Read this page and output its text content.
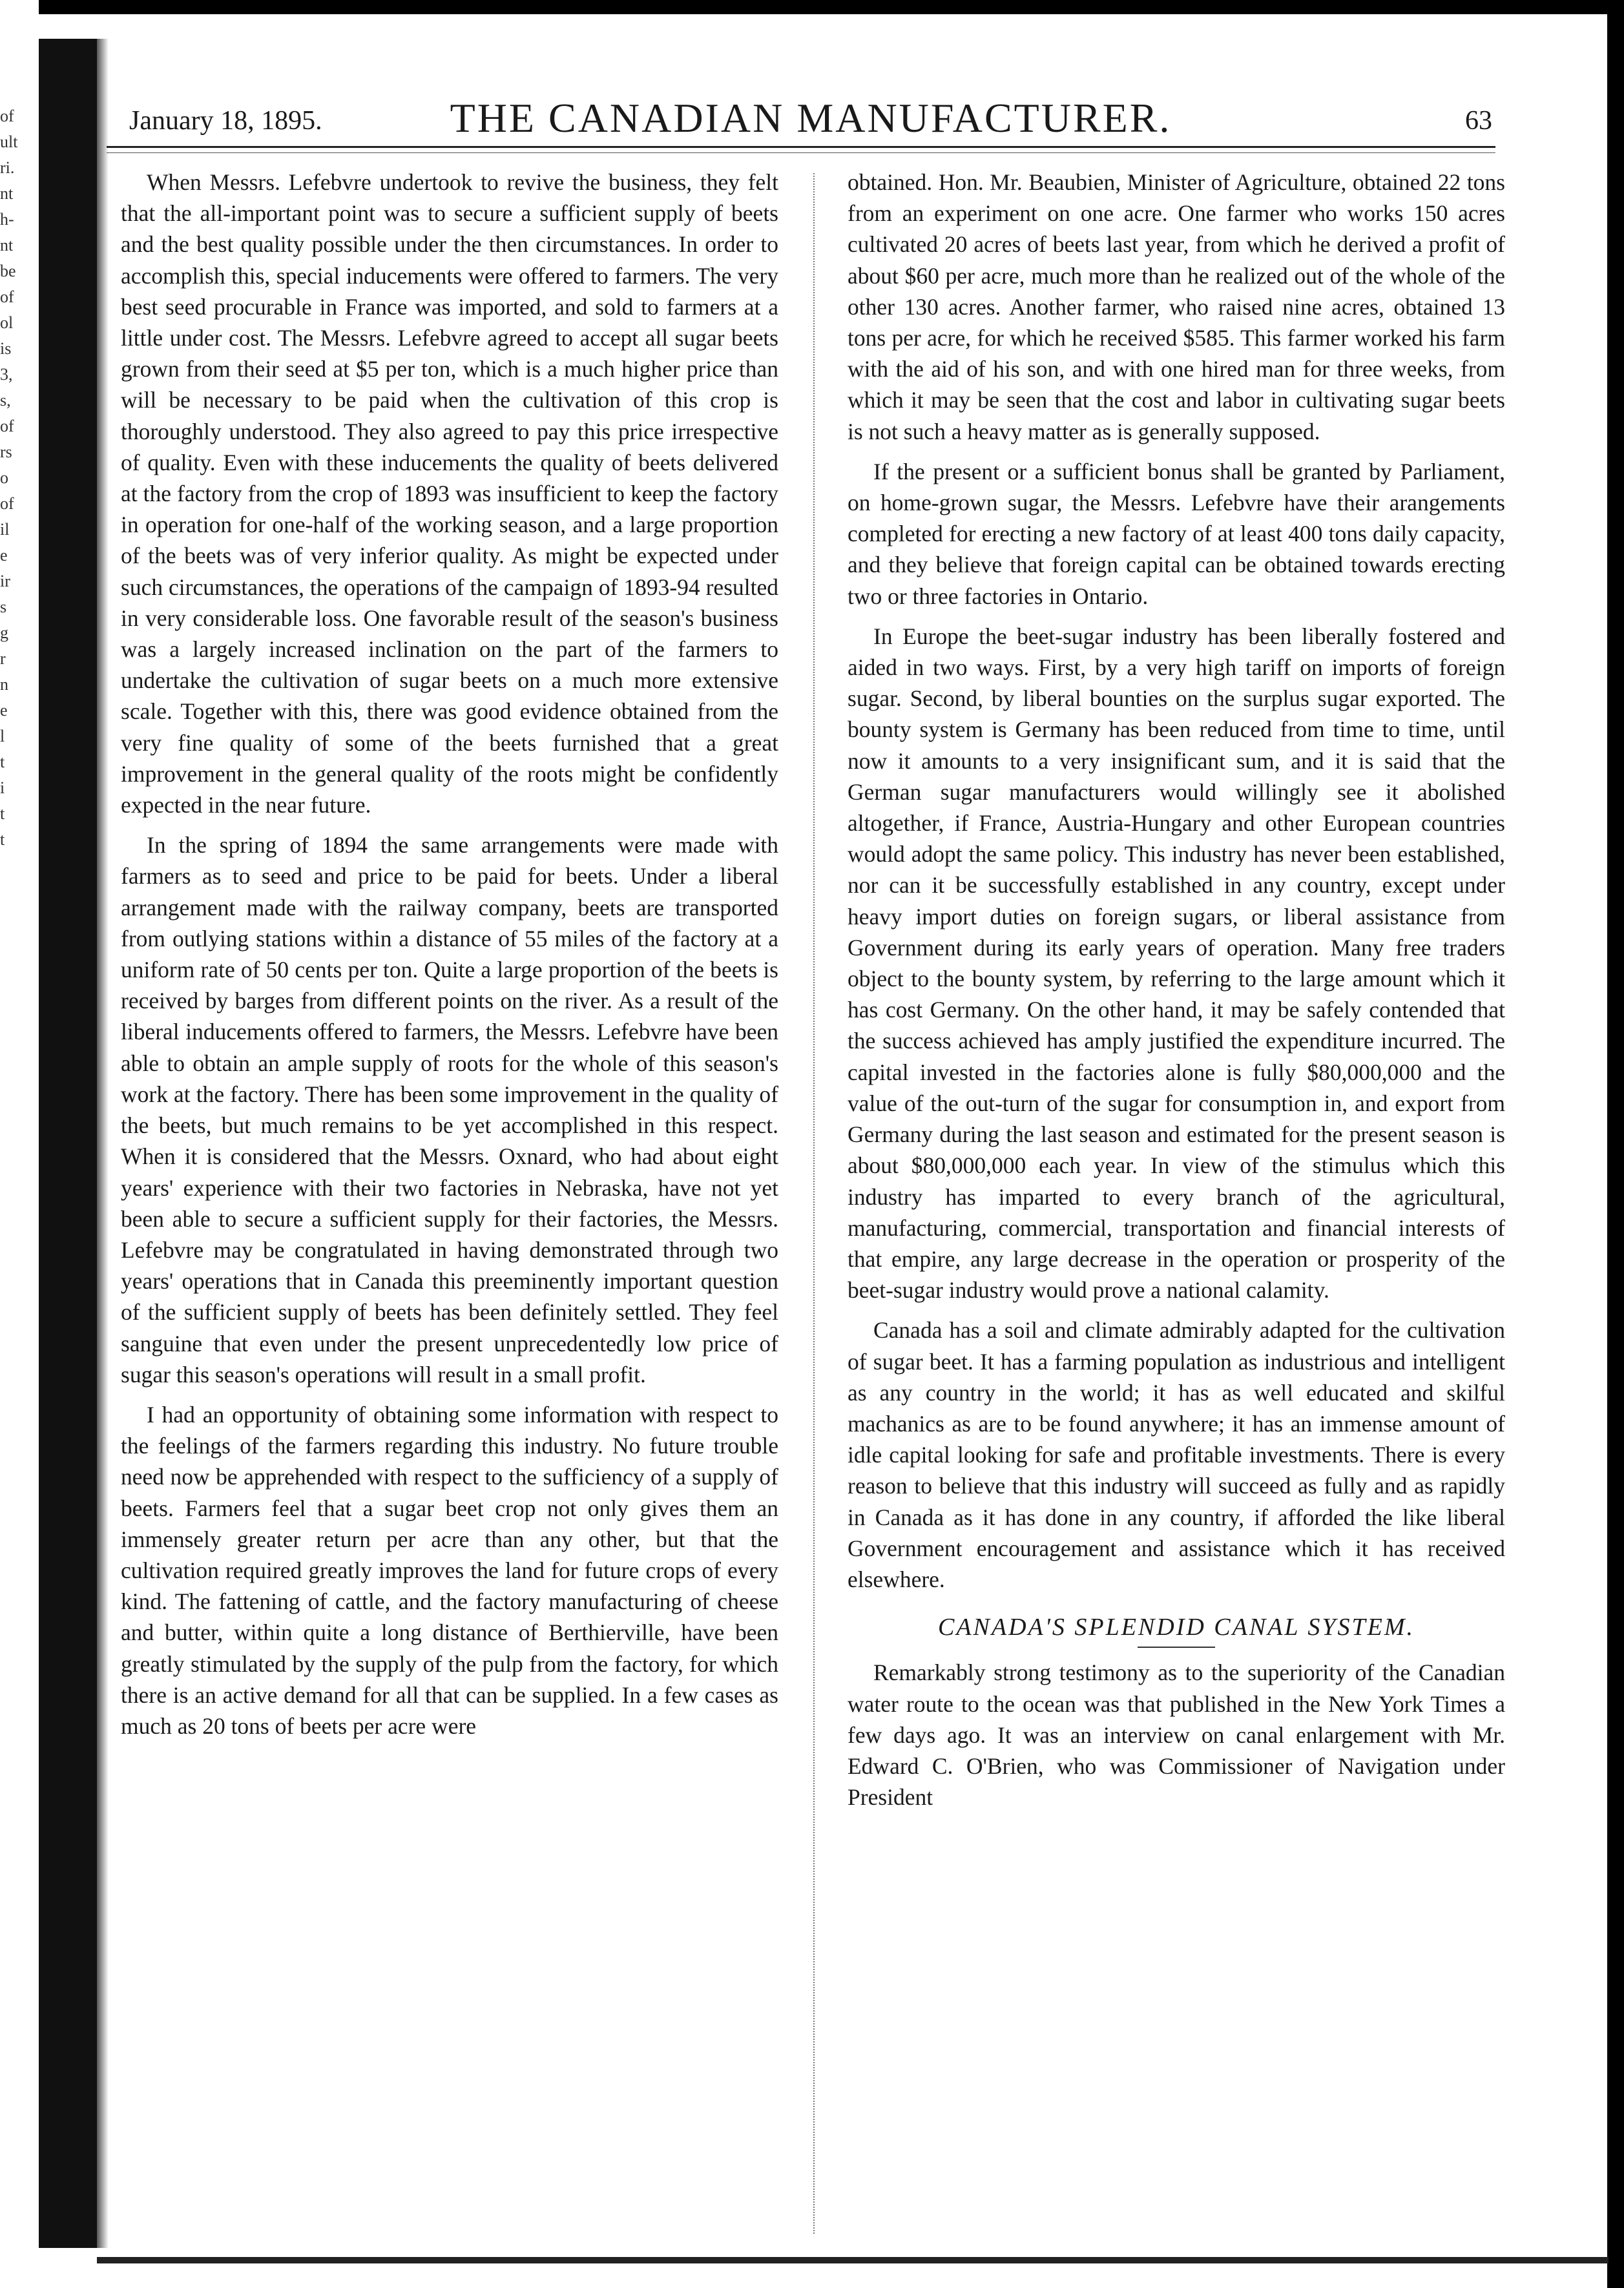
of
ult
ri.
nt
h-
nt
be
of
ol
is
3,
s,
of
rs
o
of
il
e
ir
s
g
r
n
e
l
t
i
t
t
January 18, 1895.	THE CANADIAN MANUFACTURER.	63

When Messrs. Lefebvre undertook to revive the business, they felt that the all-important point was to secure a sufficient supply of beets and the best quality possible under the then circumstances. In order to accomplish this, special inducements were offered to farmers. The very best seed procurable in France was imported, and sold to farmers at a little under cost. The Messrs. Lefebvre agreed to accept all sugar beets grown from their seed at $5 per ton, which is a much higher price than will be necessary to be paid when the cultivation of this crop is thoroughly understood. They also agreed to pay this price irrespective of quality. Even with these inducements the quality of beets delivered at the factory from the crop of 1893 was insufficient to keep the factory in operation for one-half of the working season, and a large proportion of the beets was of very inferior quality. As might be expected under such circumstances, the operations of the campaign of 1893-94 resulted in very considerable loss. One favorable result of the season's business was a largely increased inclination on the part of the farmers to undertake the cultivation of sugar beets on a much more extensive scale. Together with this, there was good evidence obtained from the very fine quality of some of the beets furnished that a great improvement in the general quality of the roots might be confidently expected in the near future.

In the spring of 1894 the same arrangements were made with farmers as to seed and price to be paid for beets. Under a liberal arrangement made with the railway company, beets are transported from outlying stations within a distance of 55 miles of the factory at a uniform rate of 50 cents per ton. Quite a large proportion of the beets is received by barges from different points on the river. As a result of the liberal inducements offered to farmers, the Messrs. Lefebvre have been able to obtain an ample supply of roots for the whole of this season's work at the factory. There has been some improvement in the quality of the beets, but much remains to be yet accomplished in this respect. When it is considered that the Messrs. Oxnard, who had about eight years' experience with their two factories in Nebraska, have not yet been able to secure a sufficient supply for their factories, the Messrs. Lefebvre may be congratulated in having demonstrated through two years' operations that in Canada this preeminently important question of the sufficient supply of beets has been definitely settled. They feel sanguine that even under the present unprecedentedly low price of sugar this season's operations will result in a small profit.

I had an opportunity of obtaining some information with respect to the feelings of the farmers regarding this industry. No future trouble need now be apprehended with respect to the sufficiency of a supply of beets. Farmers feel that a sugar beet crop not only gives them an immensely greater return per acre than any other, but that the cultivation required greatly improves the land for future crops of every kind. The fattening of cattle, and the factory manufacturing of cheese and butter, within quite a long distance of Berthierville, have been greatly stimulated by the supply of the pulp from the factory, for which there is an active demand for all that can be supplied. In a few cases as much as 20 tons of beets per acre were

obtained. Hon. Mr. Beaubien, Minister of Agriculture, obtained 22 tons from an experiment on one acre. One farmer who works 150 acres cultivated 20 acres of beets last year, from which he derived a profit of about $60 per acre, much more than he realized out of the whole of the other 130 acres. Another farmer, who raised nine acres, obtained 13 tons per acre, for which he received $585. This farmer worked his farm with the aid of his son, and with one hired man for three weeks, from which it may be seen that the cost and labor in cultivating sugar beets is not such a heavy matter as is generally supposed.

If the present or a sufficient bonus shall be granted by Parliament, on home-grown sugar, the Messrs. Lefebvre have their arangements completed for erecting a new factory of at least 400 tons daily capacity, and they believe that foreign capital can be obtained towards erecting two or three factories in Ontario.

In Europe the beet-sugar industry has been liberally fostered and aided in two ways. First, by a very high tariff on imports of foreign sugar. Second, by liberal bounties on the surplus sugar exported. The bounty system is Germany has been reduced from time to time, until now it amounts to a very insignificant sum, and it is said that the German sugar manufacturers would willingly see it abolished altogether, if France, Austria-Hungary and other European countries would adopt the same policy. This industry has never been established, nor can it be successfully established in any country, except under heavy import duties on foreign sugars, or liberal assistance from Government during its early years of operation. Many free traders object to the bounty system, by referring to the large amount which it has cost Germany. On the other hand, it may be safely contended that the success achieved has amply justified the expenditure incurred. The capital invested in the factories alone is fully $80,000,000 and the value of the out-turn of the sugar for consumption in, and export from Germany during the last season and estimated for the present season is about $80,000,000 each year. In view of the stimulus which this industry has imparted to every branch of the agricultural, manufacturing, commercial, transportation and financial interests of that empire, any large decrease in the operation or prosperity of the beet-sugar industry would prove a national calamity.

Canada has a soil and climate admirably adapted for the cultivation of sugar beet. It has a farming population as industrious and intelligent as any country in the world; it has as well educated and skilful machanics as are to be found anywhere; it has an immense amount of idle capital looking for safe and profitable investments. There is every reason to believe that this industry will succeed as fully and as rapidly in Canada as it has done in any country, if afforded the like liberal Government encouragement and assistance which it has received elsewhere.

CANADA'S SPLENDID CANAL SYSTEM.

Remarkably strong testimony as to the superiority of the Canadian water route to the ocean was that published in the New York Times a few days ago. It was an interview on canal enlargement with Mr. Edward C. O'Brien, who was Commissioner of Navigation under President
